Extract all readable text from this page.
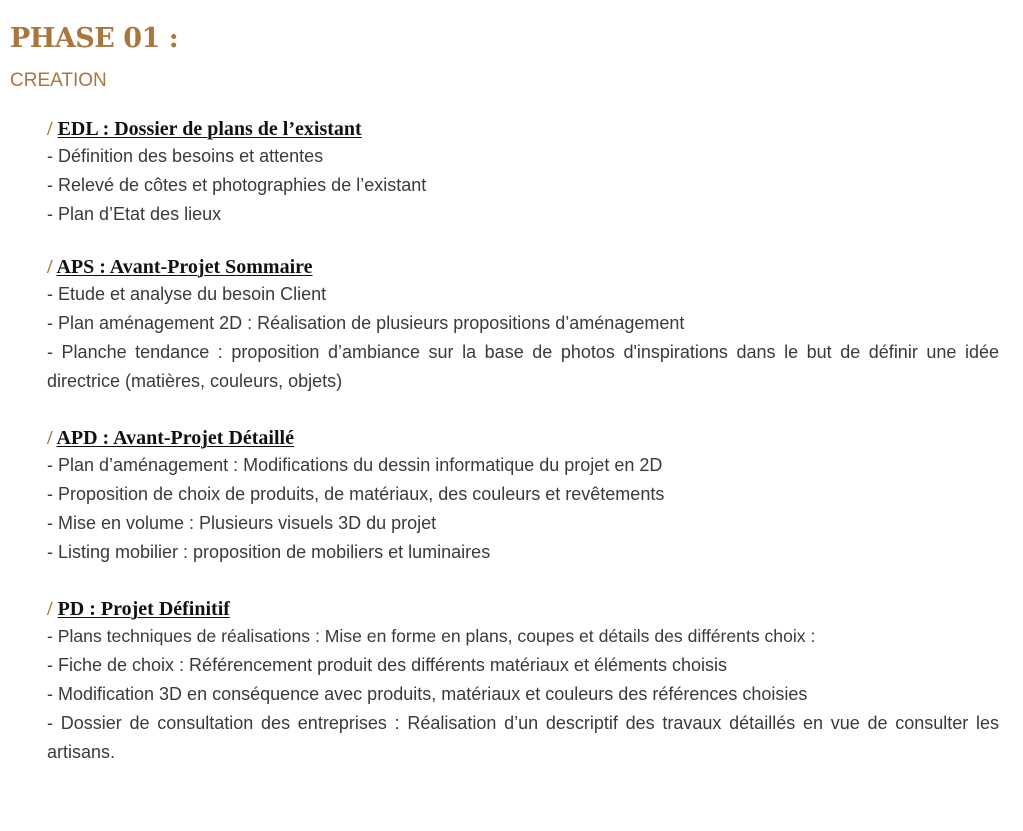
PHASE 01 :
CREATION
/ EDL : Dossier de plans de l’existant
- Définition des besoins et attentes
- Relevé de côtes et photographies de l’existant
- Plan d’Etat des lieux
/ APS : Avant-Projet Sommaire
- Etude et analyse du besoin Client
- Plan aménagement 2D : Réalisation de plusieurs propositions d’aménagement
- Planche tendance : proposition d’ambiance sur la base de photos d'inspirations dans le but de définir une idée directrice (matières, couleurs, objets)
/ APD : Avant-Projet Détaillé
- Plan d’aménagement : Modifications du dessin informatique du projet en 2D
- Proposition de choix de produits, de matériaux, des couleurs et revêtements
- Mise en volume : Plusieurs visuels 3D du projet
- Listing mobilier : proposition de mobiliers et luminaires
/ PD : Projet Définitif
- Plans techniques de réalisations : Mise en forme en plans, coupes et détails des différents choix :
- Fiche de choix : Référencement produit des différents matériaux et éléments choisis
- Modification 3D en conséquence avec produits, matériaux et couleurs des références choisies
- Dossier de consultation des entreprises : Réalisation d’un descriptif des travaux détaillés en vue de consulter les artisans.
